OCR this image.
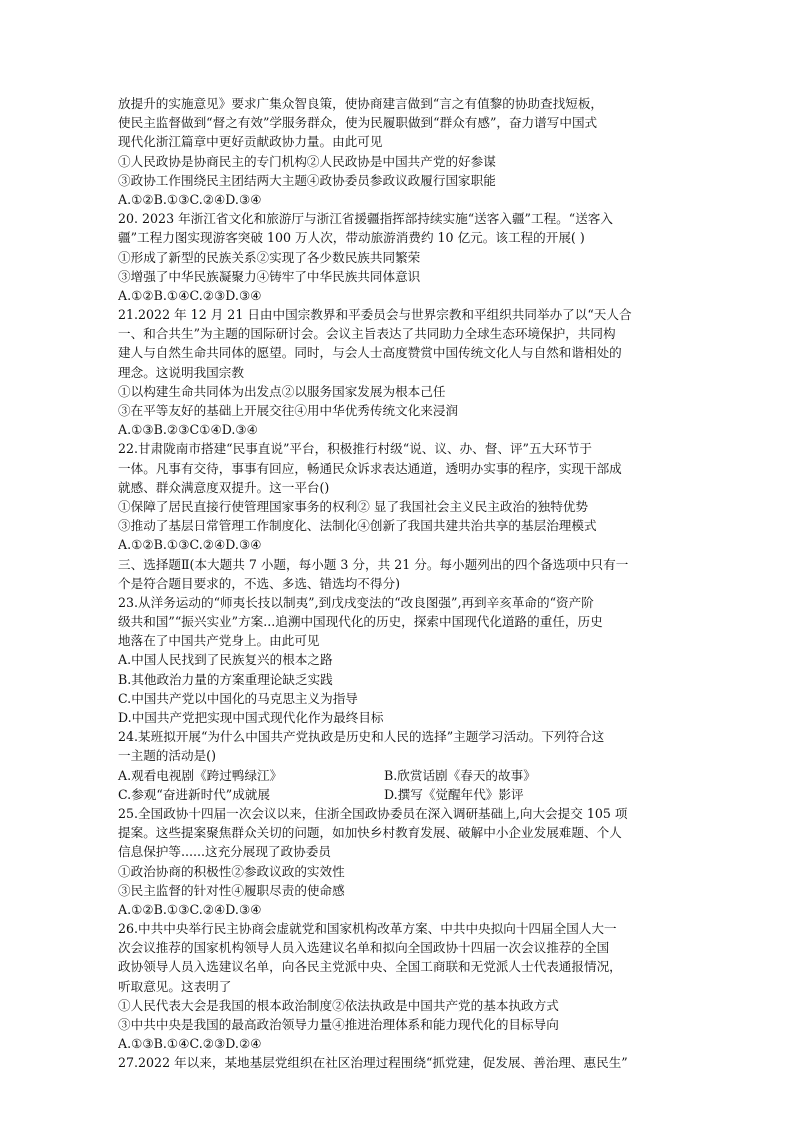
放提升的实施意见》要求广集众智良策，使协商建言做到“言之有值黎的协助查找短板，
使民主监督做到“督之有效”学服务群众，使为民履职做到“群众有感”，奋力谱写中国式
现代化浙江篇章中更好贡献政协力量。由此可见
①人民政协是协商民主的专门机构②人民政协是中国共产党的好参谋
③政协工作围绕民主团结两大主题④政协委员参政议政履行国家职能
A.①②B.①③C.②④D.③④
20. 2023 年浙江省文化和旅游厅与浙江省援疆指挥部持续实施“送客入疆”工程。“送客入
疆”工程力图实现游客突破 100 万人次，带动旅游消费约 10 亿元。该工程的开展( )
①形成了新型的民族关系②实现了各少数民族共同繁荣
③增强了中华民族凝聚力④铸牢了中华民族共同体意识
A.①②B.①④C.②③D.③④
21.2022 年 12 月 21 日由中国宗教界和平委员会与世界宗教和平组织共同举办了以“天人合
一、和合共生”为主题的国际研讨会。会议主旨表达了共同助力全球生态环境保护，共同构
建人与自然生命共同体的愿望。同时，与会人士高度赞赏中国传统文化人与自然和谐相处的
理念。这说明我国宗教
①以构建生命共同体为出发点②以服务国家发展为根本己任
③在平等友好的基础上开展交往④用中华优秀传统文化来浸润
A.①③B.②③C①④D.③④
22.甘肃陇南市搭建“民事直说”平台，积极推行村级“说、议、办、督、评”五大环节于
一体。凡事有交待，事事有回应，畅通民众诉求表达通道，透明办实事的程序，实现干部成
就感、群众满意度双提升。这一平台()
①保障了居民直接行使管理国家事务的权利② 显了我国社会主义民主政治的独特优势
③推动了基层日常管理工作制度化、法制化④创新了我国共建共治共享的基层治理模式
A.①②B.①③C.②④D.③④
三、选择题Ⅱ(本大题共 7 小题，每小题 3 分，共 21 分。每小题列出的四个备选项中只有一
个是符合题目要求的，不选、多选、错选均不得分)
23.从洋务运动的“师夷长技以制夷”,到戊戌变法的“改良图强”,再到辛亥革命的“资产阶
级共和国”“振兴实业”方案...追溯中国现代化的历史，探索中国现代化道路的重任，历史
地落在了中国共产党身上。由此可见
A.中国人民找到了民族复兴的根本之路
B.其他政治力量的方案重理论缺乏实践
C.中国共产党以中国化的马克思主义为指导
D.中国共产党把实现中国式现代化作为最终目标
24.某班拟开展“为什么中国共产党执政是历史和人民的选择”主题学习活动。下列符合这
一主题的活动是()
A.观看电视剧《跨过鸭绿江》	B.欣赏话剧《春天的故事》
C.参观“奋进新时代”成就展	D.撰写《觉醒年代》影评
25.全国政协十四届一次会议以来，住浙全国政协委员在深入调研基础上,向大会提交 105 项
提案。这些提案聚焦群众关切的问题，如加快乡村教育发展、破解中小企业发展难题、个人
信息保护等......这充分展现了政协委员
①政治协商的积极性②参政议政的实效性
③民主监督的针对性④履职尽责的使命感
A.①②B.①③C.②④D.③④
26.中共中央举行民主协商会虚就党和国家机构改革方案、中共中央拟向十四届全国人大一
次会议推荐的国家机构领导人员入选建议名单和拟向全国政协十四届一次会议推荐的全国
政协领导人员入选建议名单，向各民主党派中央、全国工商联和无党派人士代表通报情况，
听取意见。这表明了
①人民代表大会是我国的根本政治制度②依法执政是中国共产党的基本执政方式
③中共中央是我国的最高政治领导力量④推进治理体系和能力现代化的目标导向
A.①③B.①④C.②③D.②④
27.2022 年以来，某地基层党组织在社区治理过程围绕“抓党建，促发展、善治理、惠民生”
